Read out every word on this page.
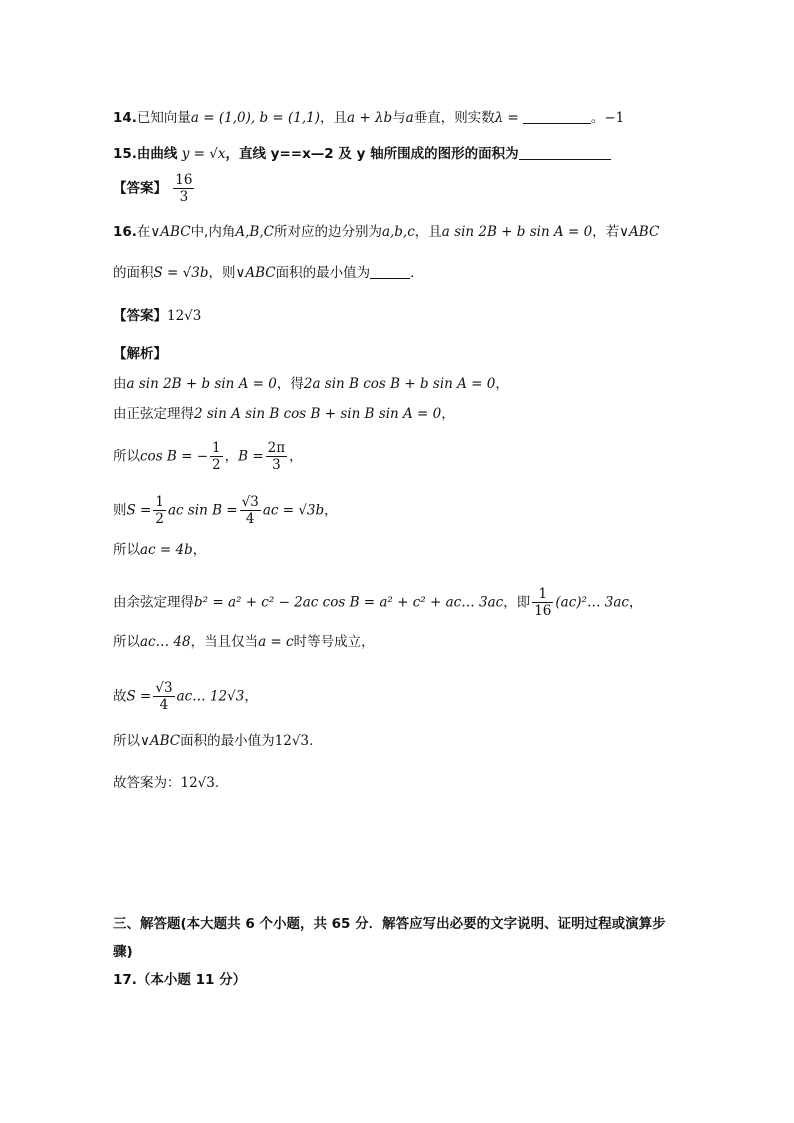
14.已知向量a = (1,0), b = (1,1)，且a + λb与a垂直，则实数λ =	。−1
15.由曲线 y = √x，直线 y==x—2 及 y 轴所围成的图形的面积为
【答案】 $\frac{16}{3}$
16.在∨ABC中,内角A,B,C所对应的边分别为a,b,c，且a sin 2B + b sin A = 0，若∨ABC
的面积S = √3b，则∨ABC面积的最小值为	.
【答案】12√3
【解析】
由a sin 2B + b sin A = 0，得2a sin B cos B + b sin A = 0，
由正弦定理得2 sin A sin B cos B + sin B sin A = 0，
所以cos B = − $\frac{1}{2}$ ，$B = \frac{2\pi}{3}$ ，
则$S = \frac{1}{2}$ ac $\sin B = \frac{√3}{4}$ ac = √3b，
所以ac = 4b，
由余弦定理得b² = a² + c² − 2ac cos B = a² + c² + ac… 3ac，即 $\frac{1}{16}$ (ac)²… 3ac，
所以ac… 48，当且仅当a = c时等号成立，
故$S = \frac{√3}{4}$ ac… 12√3，
所以∨ABC面积的最小值为12√3.
故答案为：12√3.
三、解答题(本大题共 6 个小题，共 65 分．解答应写出必要的文字说明、证明过程或演算步
骤)
17.（本小题 11 分）
